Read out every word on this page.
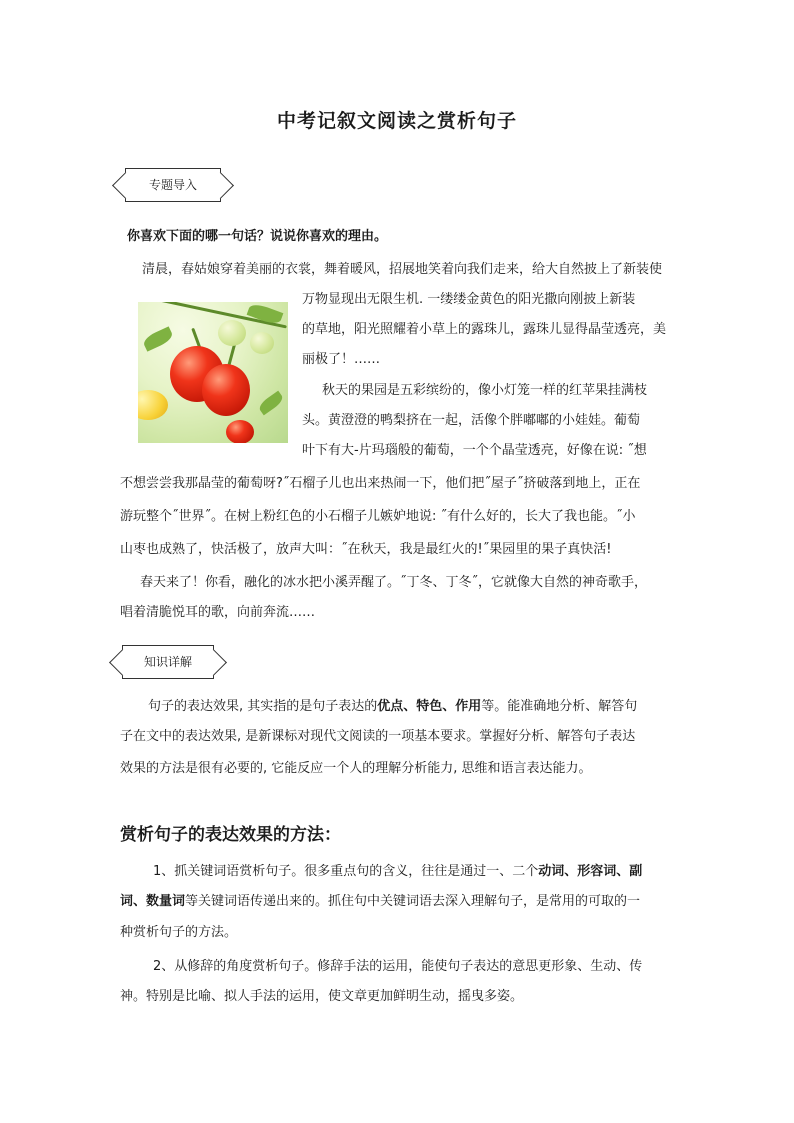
中考记叙文阅读之赏析句子
专题导入
你喜欢下面的哪一句话？说说你喜欢的理由。
清晨，春姑娘穿着美丽的衣裳，舞着暖风，招展地笑着向我们走来，给大自然披上了新装使
万物显现出无限生机. 一缕缕金黄色的阳光撒向刚披上新装
的草地，阳光照耀着小草上的露珠儿，露珠儿显得晶莹透亮，美
丽极了！……
秋天的果园是五彩缤纷的，像小灯笼一样的红苹果挂满枝
头。黄澄澄的鸭梨挤在一起，活像个胖嘟嘟的小娃娃。葡萄
叶下有大-片玛瑙般的葡萄，一个个晶莹透亮，好像在说: ˝想
不想尝尝我那晶莹的葡萄呀?˝石榴子儿也出来热闹一下，他们把˝屋子˝挤破落到地上，正在
游玩整个˝世界˝。在树上粉红色的小石榴子儿嫉妒地说: ˝有什么好的，长大了我也能。˝小
山枣也成熟了，快活极了，放声大叫：˝在秋天，我是最红火的!˝果园里的果子真快活!
春天来了！你看，融化的冰水把小溪弄醒了。˝丁冬、丁冬˝，它就像大自然的神奇歌手，
唱着清脆悦耳的歌，向前奔流……
知识详解
句子的表达效果, 其实指的是句子表达的优点、特色、作用等。能准确地分析、解答句
子在文中的表达效果, 是新课标对现代文阅读的一项基本要求。掌握好分析、解答句子表达
效果的方法是很有必要的, 它能反应一个人的理解分析能力, 思维和语言表达能力。
赏析句子的表达效果的方法：
1、抓关键词语赏析句子。很多重点句的含义，往往是通过一、二个动词、形容词、副
词、数量词等关键词语传递出来的。抓住句中关键词语去深入理解句子，是常用的可取的一
种赏析句子的方法。
2、从修辞的角度赏析句子。修辞手法的运用，能使句子表达的意思更形象、生动、传
神。特别是比喻、拟人手法的运用，使文章更加鲜明生动，摇曳多姿。
